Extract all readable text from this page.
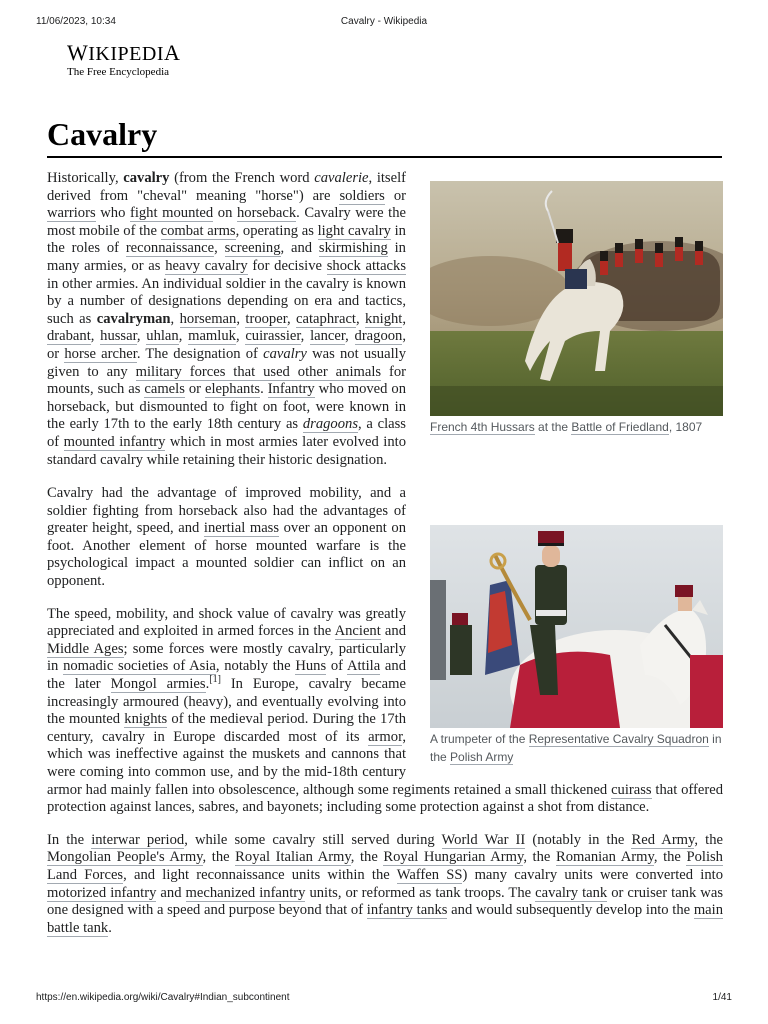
11/06/2023, 10:34	Cavalry - Wikipedia
WIKIPEDIA
The Free Encyclopedia
Cavalry
French 4th Hussars at the Battle of Friedland, 1807

Historically, cavalry (from the French word cavalerie, itself derived from "cheval" meaning "horse") are soldiers or warriors who fight mounted on horseback. Cavalry were the most mobile of the combat arms, operating as light cavalry in the roles of reconnaissance, screening, and skirmishing in many armies, or as heavy cavalry for decisive shock attacks in other armies. An individual soldier in the cavalry is known by a number of designations depending on era and tactics, such as cavalryman, horseman, trooper, cataphract, knight, drabant, hussar, uhlan, mamluk, cuirassier, lancer, dragoon, or horse archer. The designation of cavalry was not usually given to any military forces that used other animals for mounts, such as camels or elephants. Infantry who moved on horseback, but dismounted to fight on foot, were known in the early 17th to the early 18th century as dragoons, a class of mounted infantry which in most armies later evolved into standard cavalry while retaining their historic designation.

A trumpeter of the Representative Cavalry Squadron in the Polish Army

Cavalry had the advantage of improved mobility, and a soldier fighting from horseback also had the advantages of greater height, speed, and inertial mass over an opponent on foot. Another element of horse mounted warfare is the psychological impact a mounted soldier can inflict on an opponent.

The speed, mobility, and shock value of cavalry was greatly appreciated and exploited in armed forces in the Ancient and Middle Ages; some forces were mostly cavalry, particularly in nomadic societies of Asia, notably the Huns of Attila and the later Mongol armies.[1] In Europe, cavalry became increasingly armoured (heavy), and eventually evolving into the mounted knights of the medieval period. During the 17th century, cavalry in Europe discarded most of its armor, which was ineffective against the muskets and cannons that were coming into common use, and by the mid-18th century armor had mainly fallen into obsolescence, although some regiments retained a small thickened cuirass that offered protection against lances, sabres, and bayonets; including some protection against a shot from distance.

In the interwar period, while some cavalry still served during World War II (notably in the Red Army, the Mongolian People's Army, the Royal Italian Army, the Royal Hungarian Army, the Romanian Army, the Polish Land Forces, and light reconnaissance units within the Waffen SS) many cavalry units were converted into motorized infantry and mechanized infantry units, or reformed as tank troops. The cavalry tank or cruiser tank was one designed with a speed and purpose beyond that of infantry tanks and would subsequently develop into the main battle tank.

https://en.wikipedia.org/wiki/Cavalry#Indian_subcontinent	1/41
